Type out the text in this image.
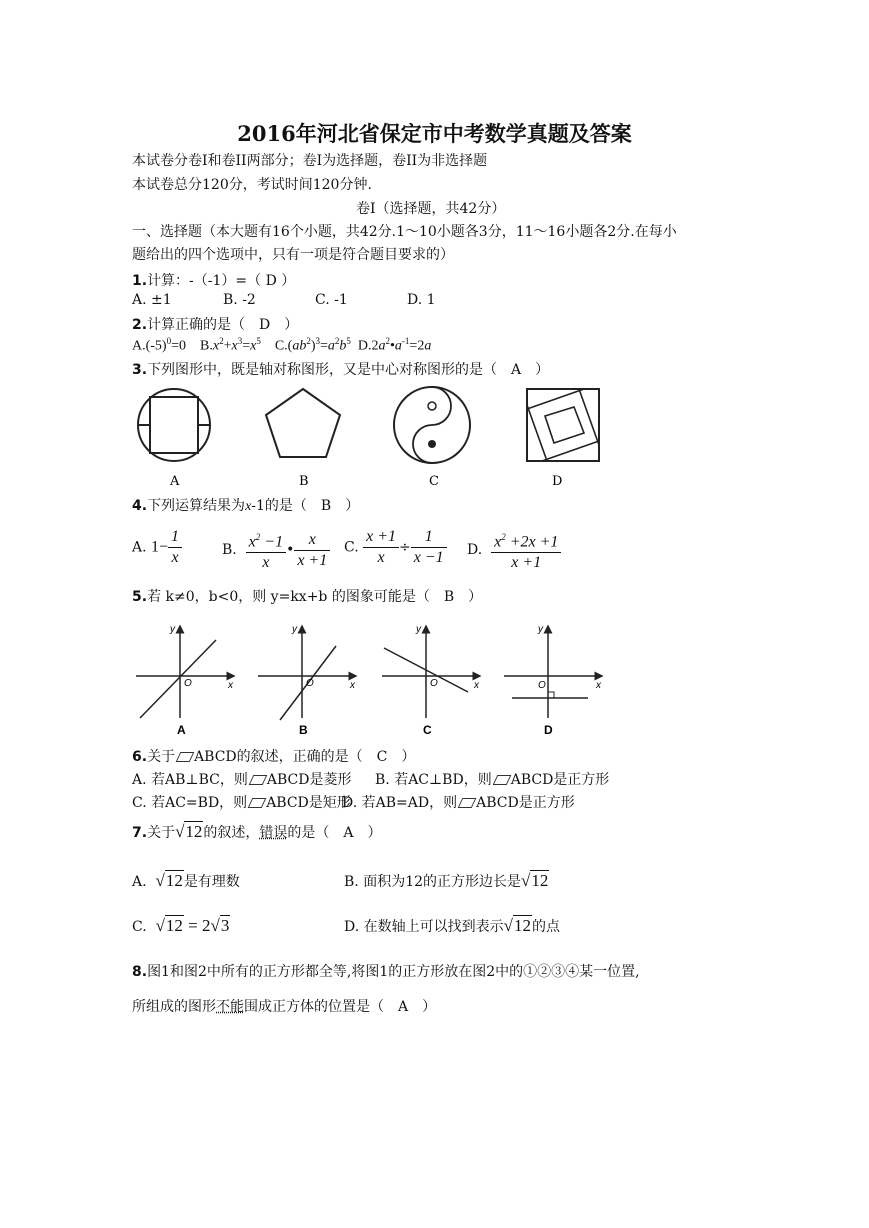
2016年河北省保定市中考数学真题及答案
本试卷分卷I和卷II两部分；卷I为选择题，卷II为非选择题
本试卷总分120分，考试时间120分钟.
卷I（选择题，共42分）
一、选择题（本大题有16个小题，共42分.1～10小题各3分，11～16小题各2分.在每小
题给出的四个选项中，只有一项是符合题目要求的）
1.计算：-（-1）=（ D ）
A. ±1	B. -2	C. -1	D. 1
2.计算正确的是（　D　）
$A.(-5)^0=0$    $B.x^2+x^3=x^5$    $C.(ab^2)^3=a^2b^5$  $D.2a^2•a^{-1}=2a$
3.下列图形中，既是轴对称图形，又是中心对称图形的是（　A　）
A	B	C	D
4.下列运算结果为x-1的是（　B　）
A. $1- \frac{1}{x}$	B. $\frac{x^2 -1}{x}$ • $\frac{x}{x +1} C$. $\frac{x +1}{x} \div \frac{1}{x -1} D$. $\frac{x^2 +2x +1}{x +1}$
5.若 k≠0，b<0，则 y=kx+b 的图象可能是（　B　）
y
x
O
y
x
O
y
x
O
y
x
O
A	B	C	D
6.关于 ABCD的叙述，正确的是（　C　）
A. 若AB⊥BC，则 ABCD是菱形 B. 若AC⊥BD，则 ABCD是正方形
C. 若AC=BD，则 ABCD是矩形
D. 若AB=AD，则 ABCD是正方形
7.关于√12的叙述，错误的是（　A　）
A.  √12是有理数	B. 面积为12的正方形边长是√12
C.  √12 = 2√3	D. 在数轴上可以找到表示√12的点
8.图1和图2中所有的正方形都全等,将图1的正方形放在图2中的①②③④某一位置,
所组成的图形不能围成正方体的位置是（　A　）
